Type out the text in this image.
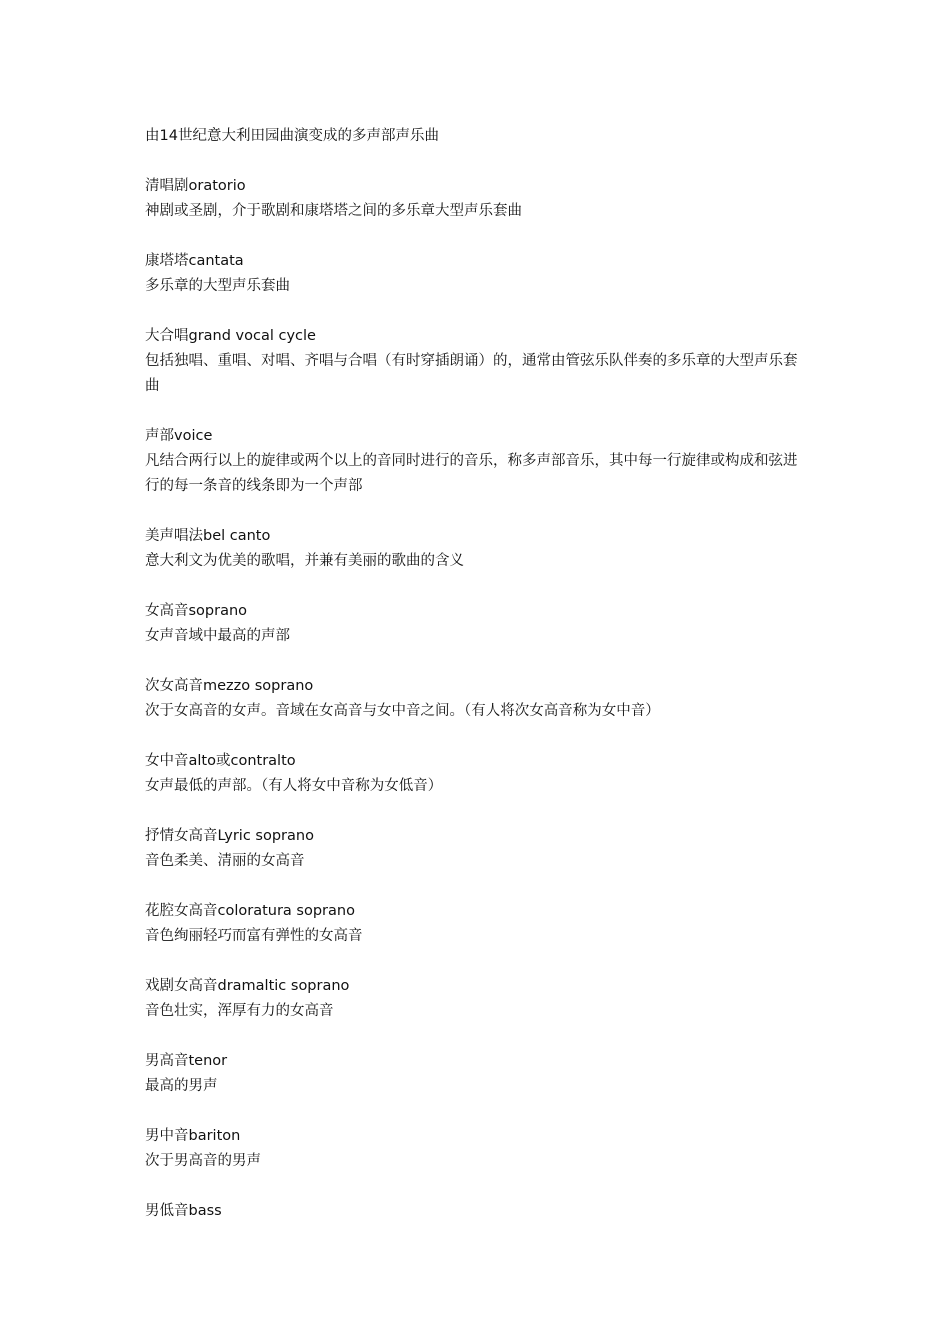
由14世纪意大利田园曲演变成的多声部声乐曲
清唱剧oratorio
神剧或圣剧，介于歌剧和康塔塔之间的多乐章大型声乐套曲
康塔塔cantata
多乐章的大型声乐套曲
大合唱grand vocal cycle
包括独唱、重唱、对唱、齐唱与合唱（有时穿插朗诵）的，通常由管弦乐队伴奏的多乐章的大型声乐套曲
声部voice
凡结合两行以上的旋律或两个以上的音同时进行的音乐，称多声部音乐，其中每一行旋律或构成和弦进行的每一条音的线条即为一个声部
美声唱法bel canto
意大利文为优美的歌唱，并兼有美丽的歌曲的含义
女高音soprano
女声音域中最高的声部
次女高音mezzo soprano
次于女高音的女声。音域在女高音与女中音之间。（有人将次女高音称为女中音）
女中音alto或contralto
女声最低的声部。（有人将女中音称为女低音）
抒情女高音Lyric soprano
音色柔美、清丽的女高音
花腔女高音coloratura soprano
音色绚丽轻巧而富有弹性的女高音
戏剧女高音dramaltic soprano
音色壮实，浑厚有力的女高音
男高音tenor
最高的男声
男中音bariton
次于男高音的男声
男低音bass
